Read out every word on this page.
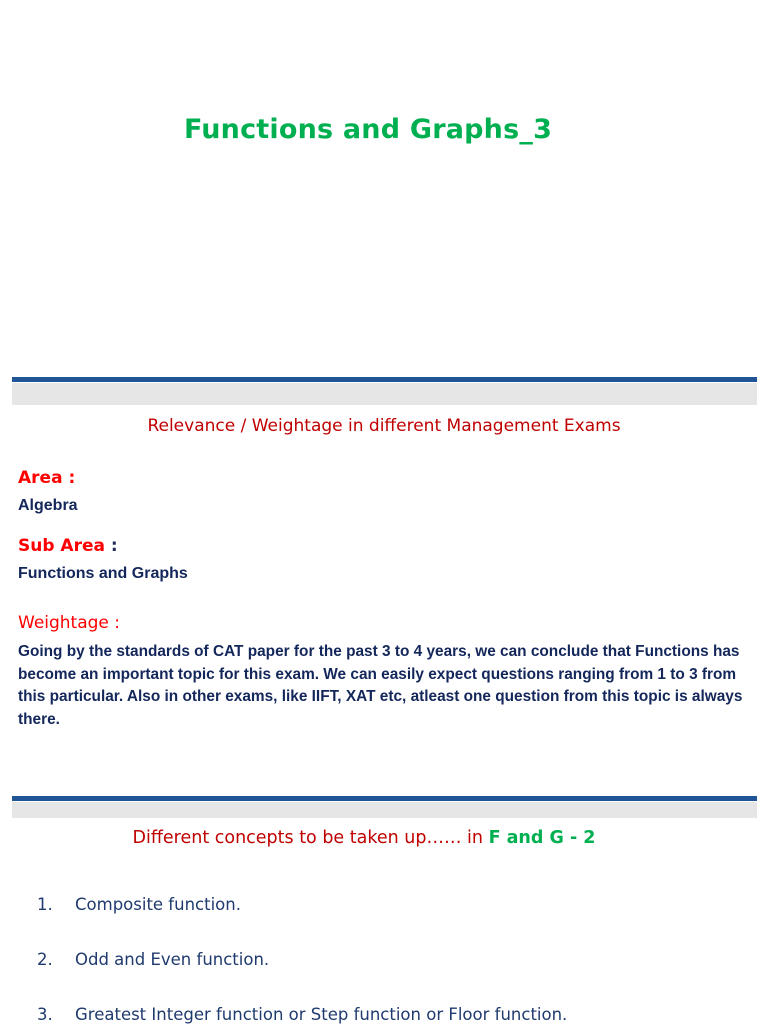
Functions and Graphs_3
Relevance / Weightage in different Management Exams
Area :
Algebra
Sub Area :
Functions and Graphs
Weightage :
Going by the standards of CAT paper for the past 3 to 4 years, we can conclude that Functions has become an important topic for this exam. We can easily expect questions ranging from 1 to 3 from this particular. Also in other exams, like IIFT, XAT etc, atleast one question from this topic is always there.
Different concepts to be taken up…… in F and G - 2
1. Composite function.
2. Odd and Even function.
3. Greatest Integer function or Step function or Floor function.
